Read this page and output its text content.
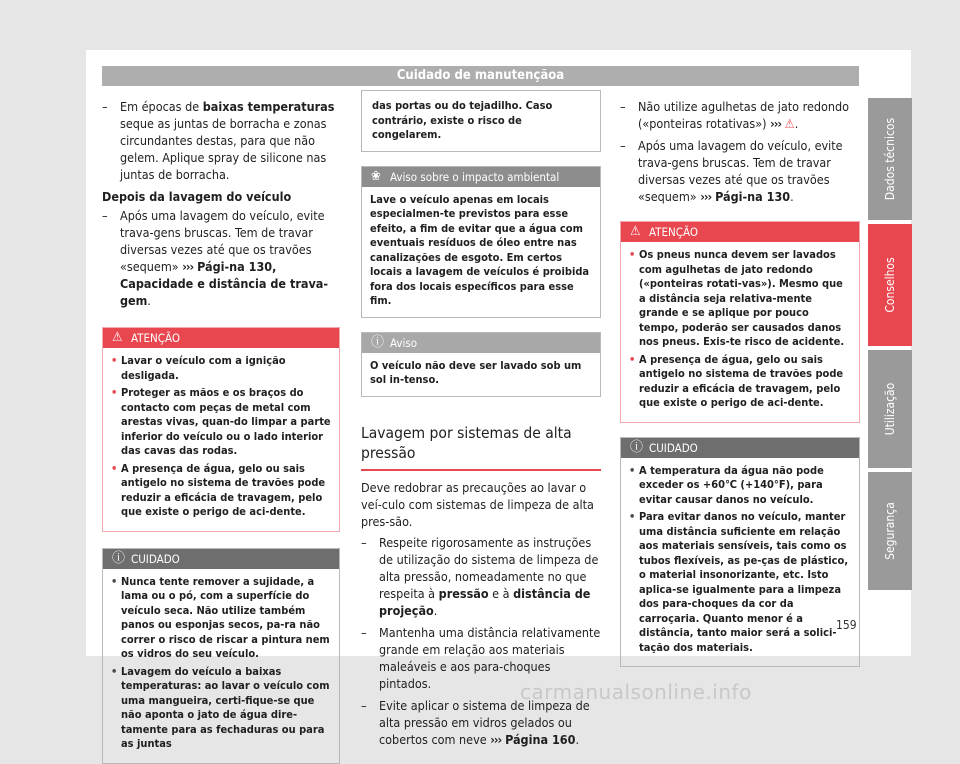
Cuidado de manutençãoa
– Em épocas de baixas temperaturas seque as juntas de borracha e zonas circundantes destas, para que não gelem. Aplique spray de silicone nas juntas de borracha.
Depois da lavagem do veículo
– Após uma lavagem do veículo, evite trava-gens bruscas. Tem de travar diversas vezes até que os travões «sequem» ››› Pági-na 130, Capacidade e distância de trava-gem.
⚠ ATENÇÃO
• Lavar o veículo com a ignição desligada.
• Proteger as mãos e os braços do contacto com peças de metal com arestas vivas, quan-do limpar a parte inferior do veículo ou o lado interior das cavas das rodas.
• A presença de água, gelo ou sais antigelo no sistema de travões pode reduzir a eficácia de travagem, pelo que existe o perigo de aci-dente.
ⓘ CUIDADO
• Nunca tente remover a sujidade, a lama ou o pó, com a superfície do veículo seca. Não utilize também panos ou esponjas secos, pa-ra não correr o risco de riscar a pintura nem os vidros do seu veículo.
• Lavagem do veículo a baixas temperaturas: ao lavar o veículo com uma mangueira, certi-fique-se que não aponta o jato de água dire-tamente para as fechaduras ou para as juntas
das portas ou do tejadilho. Caso contrário, existe o risco de congelarem.
❀ Aviso sobre o impacto ambiental
Lave o veículo apenas em locais especialmen-te previstos para esse efeito, a fim de evitar que a água com eventuais resíduos de óleo entre nas canalizações de esgoto. Em certos locais a lavagem de veículos é proibida fora dos locais específicos para esse fim.
ⓘ Aviso
O veículo não deve ser lavado sob um sol in-tenso.
Lavagem por sistemas de alta pressão
Deve redobrar as precauções ao lavar o veí-culo com sistemas de limpeza de alta pres-são.
– Respeite rigorosamente as instruções de utilização do sistema de limpeza de alta pressão, nomeadamente no que respeita à pressão e à distância de projeção.
– Mantenha uma distância relativamente grande em relação aos materiais maleáveis e aos para-choques pintados.
– Evite aplicar o sistema de limpeza de alta pressão em vidros gelados ou cobertos com neve ››› Página 160.
– Não utilize agulhetas de jato redondo («ponteiras rotativas») ››› ⚠.
– Após uma lavagem do veículo, evite trava-gens bruscas. Tem de travar diversas vezes até que os travões «sequem» ››› Pági-na 130.
⚠ ATENÇÃO
• Os pneus nunca devem ser lavados com agulhetas de jato redondo («ponteiras rotati-vas»). Mesmo que a distância seja relativa-mente grande e se aplique por pouco tempo, poderão ser causados danos nos pneus. Exis-te risco de acidente.
• A presença de água, gelo ou sais antigelo no sistema de travões pode reduzir a eficácia de travagem, pelo que existe o perigo de aci-dente.
ⓘ CUIDADO
• A temperatura da água não pode exceder os +60℃ (+140°F), para evitar causar danos no veículo.
• Para evitar danos no veículo, manter uma distância suficiente em relação aos materiais sensíveis, tais como os tubos flexíveis, as pe-ças de plástico, o material insonorizante, etc. Isto aplica-se igualmente para a limpeza dos para-choques da cor da carroçaria. Quanto menor é a distância, tanto maior será a solici-tação dos materiais.
Dados técnicos
Conselhos
Utilização
Segurança
159
carmanualsonline.info
